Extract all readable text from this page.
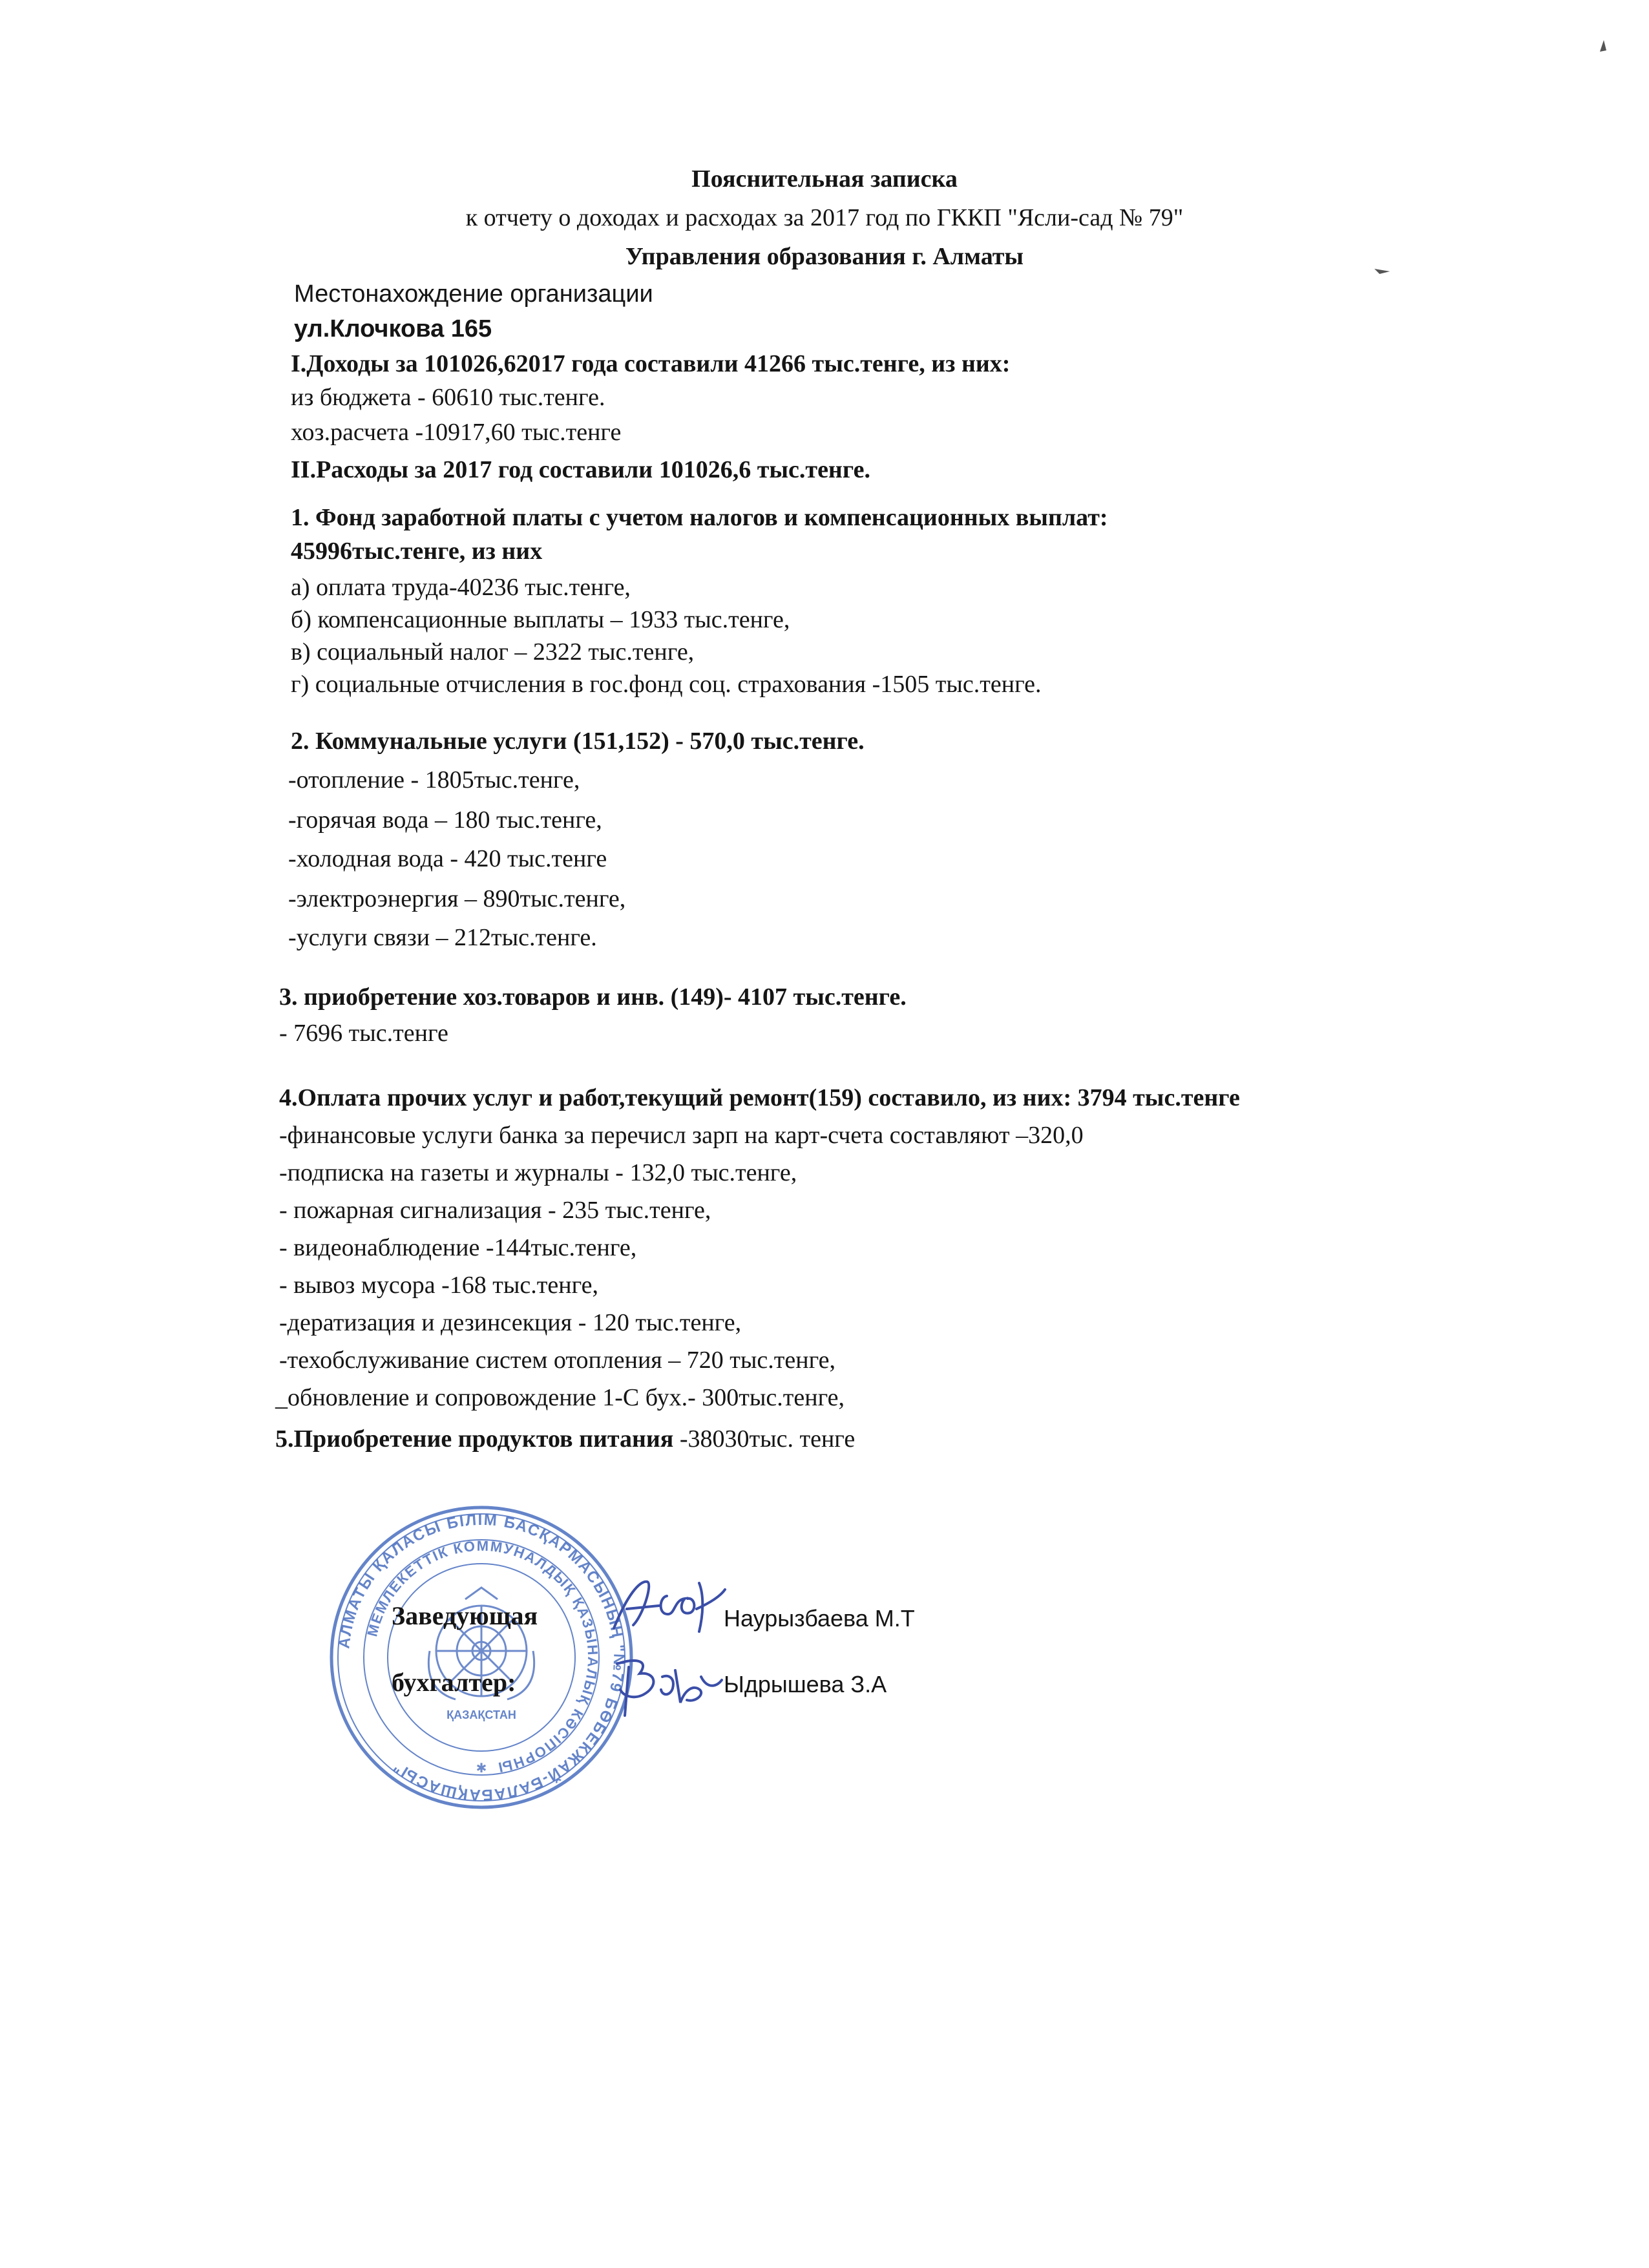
Пояснительная записка
к отчету о доходах и расходах за 2017 год по ГККП "Ясли-сад № 79"
Управления образования г. Алматы
Местонахождение организации
ул.Клочкова 165
I.Доходы за 101026,62017 года составили 41266 тыс.тенге, из них:
из бюджета - 60610 тыс.тенге.
хоз.расчета -10917,60 тыс.тенге
II.Расходы за 2017 год составили 101026,6 тыс.тенге.
1. Фонд заработной платы с учетом налогов и компенсационных выплат:
45996тыс.тенге, из них
а) оплата труда-40236 тыс.тенге,
б) компенсационные выплаты – 1933 тыс.тенге,
в) социальный налог – 2322 тыс.тенге,
г) социальные отчисления в гос.фонд соц. страхования -1505 тыс.тенге.
2. Коммунальные услуги (151,152) - 570,0 тыс.тенге.
-отопление - 1805тыс.тенге,
-горячая вода – 180 тыс.тенге,
-холодная вода - 420 тыс.тенге
-электроэнергия – 890тыс.тенге,
-услуги связи – 212тыс.тенге.
3. приобретение хоз.товаров и инв. (149)- 4107 тыс.тенге.
- 7696 тыс.тенге
4.Оплата прочих услуг и работ,текущий ремонт(159) составило, из них: 3794 тыс.тенге
-финансовые услуги банка за перечисл зарп на карт-счета составляют –320,0
-подписка на газеты и журналы - 132,0 тыс.тенге,
- пожарная сигнализация - 235 тыс.тенге,
- видеонаблюдение -144тыс.тенге,
- вывоз мусора -168 тыс.тенге,
-дератизация и дезинсекция - 120 тыс.тенге,
-техобслуживание систем отопления – 720 тыс.тенге,
_обновление и сопровождение 1-С бух.- 300тыс.тенге,
5.Приобретение продуктов питания -38030тыс. тенге
АЛМАТЫ ҚАЛАСЫ БІЛІМ БАСҚАРМАСЫНЫҢ "№79 БӨБЕКЖАЙ-БАЛАБАҚШАСЫ"
МЕМЛЕКЕТТІК КОММУНАЛДЫҚ ҚАЗЫНАЛЫҚ КӘСІПОРНЫ
ҚАЗАҚСТАН
✱
Заведующая	Наурызбаева М.Т
бухгалтер:	Ыдрышева З.А
